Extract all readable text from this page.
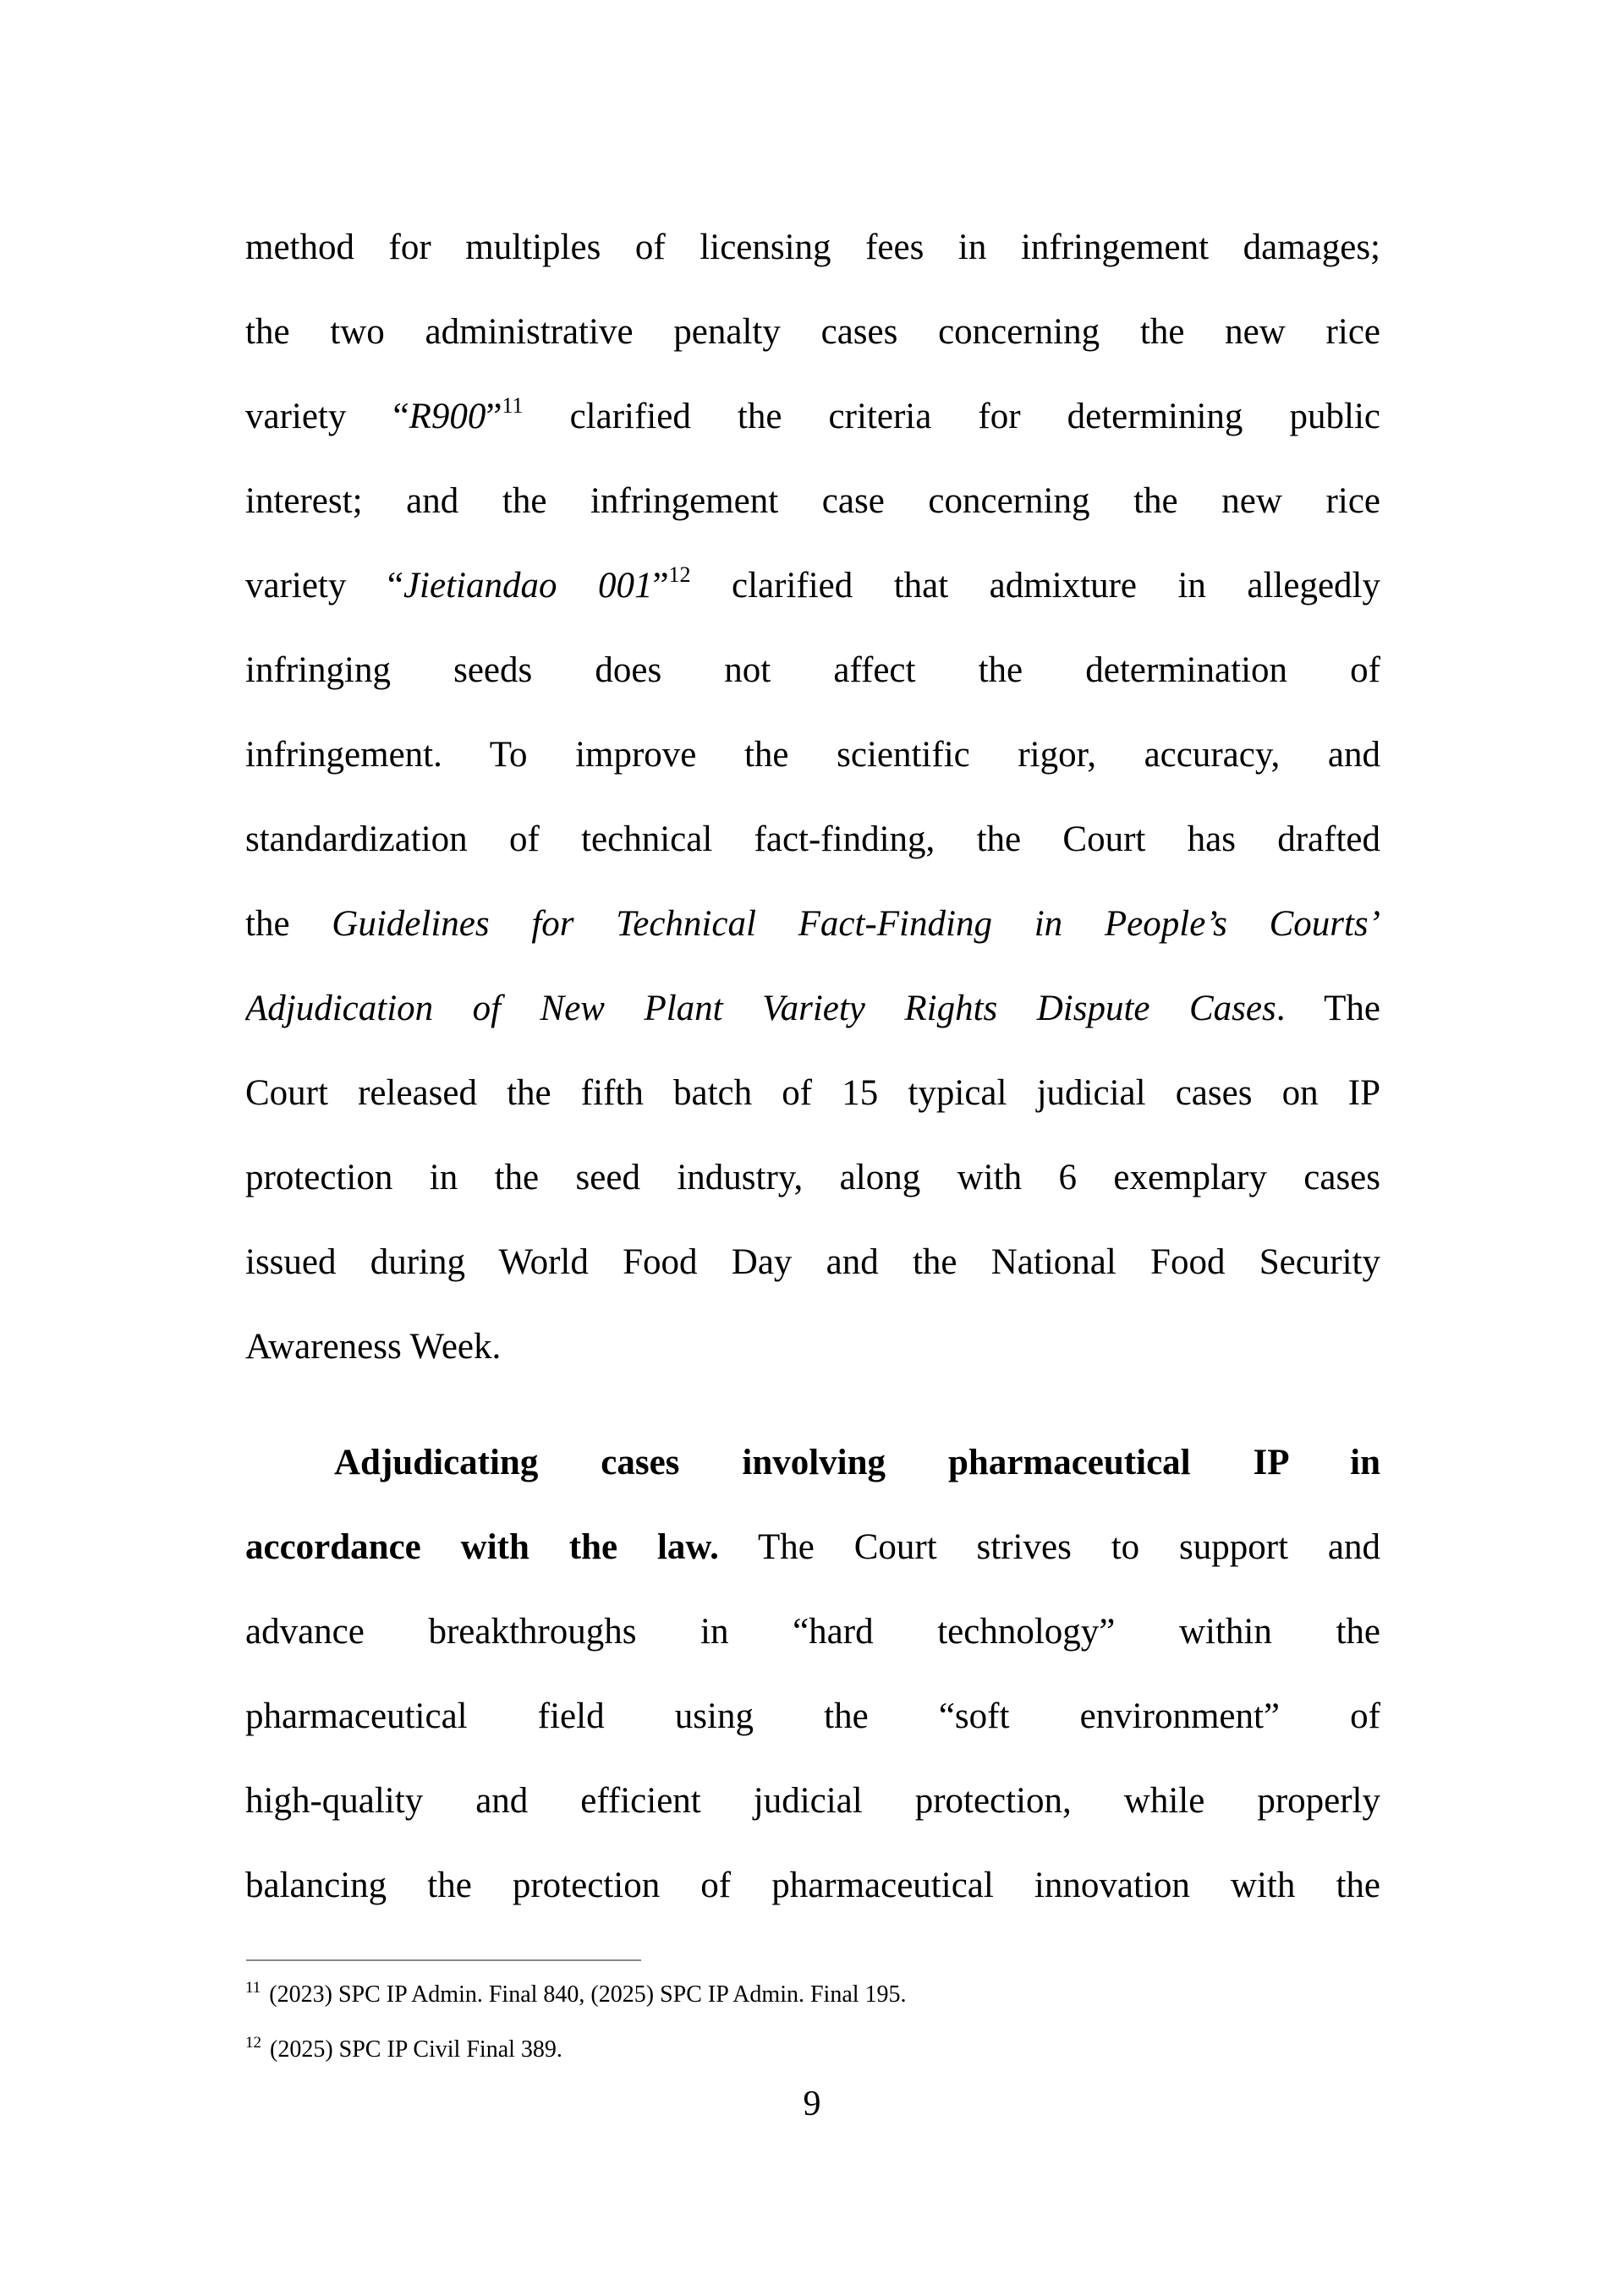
method for multiples of licensing fees in infringement damages;
the two administrative penalty cases concerning the new rice
variety “R900”$^{11}$ clarified the criteria for determining public
interest; and the infringement case concerning the new rice
variety “Jietiandao 001”$^{12}$ clarified that admixture in allegedly
infringing seeds does not affect the determination of
infringement. To improve the scientific rigor, accuracy, and
standardization of technical fact-finding, the Court has drafted
the Guidelines for Technical Fact-Finding in People’s Courts’
Adjudication of New Plant Variety Rights Dispute Cases. The
Court released the fifth batch of 15 typical judicial cases on IP
protection in the seed industry, along with 6 exemplary cases
issued during World Food Day and the National Food Security
Awareness Week.
Adjudicating cases involving pharmaceutical IP in
accordance with the law. The Court strives to support and
advance breakthroughs in “hard technology” within the
pharmaceutical field using the “soft environment” of
high-quality and efficient judicial protection, while properly
balancing the protection of pharmaceutical innovation with the
$^{11}$ (2023) SPC IP Admin. Final 840, (2025) SPC IP Admin. Final 195.
$^{12}$ (2025) SPC IP Civil Final 389.
9
